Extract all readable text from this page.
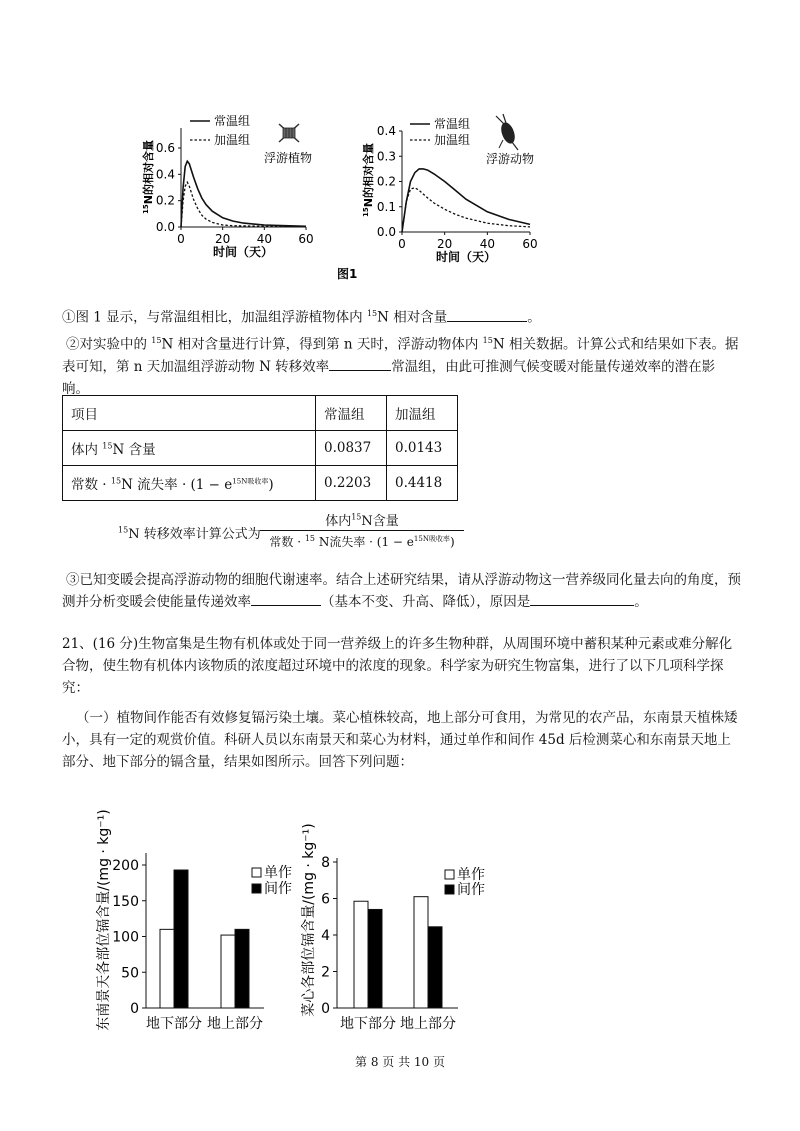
0.0
0.2
0.4
0.6
0	20 40 60
常温组
加温组
浮游植物
$^{15}$N的相对含量
时间（天）
0.0
0.1
0.2
0.3
0.4
0	20 40 60
常温组
加温组
浮游动物
$^{15}$N的相对含量
时间（天）
图1

①图 1 显示，与常温组相比，加温组浮游植物体内 $^{15}$N 相对含量	。

②对实验中的 $^{15}$N 相对含量进行计算，得到第 n 天时，浮游动物体内 $^{15}$N 相关数据。计算公式和结果如下表。据表可知，第 n 天加温组浮游动物 N 转移效率	常温组，由此可推测气候变暖对能量传递效率的潜在影响。

项目	常温组	加温组
体内 $^{15}$N 含量	0.0837	0.0143
常数 · $^{15}$N 流失率 · $(1 - e^{15N吸收率})$	0.2203	0.4418
$^{15}$N 转移效率计算公式为
体内$^{15}$N含量
常数 · $^{15}$ N流失率 · $(1 - e^{15N吸收率})$

③已知变暖会提高浮游动物的细胞代谢速率。结合上述研究结果，请从浮游动物这一营养级同化量去向的角度，预测并分析变暖会使能量传递效率	（基本不变、升高、降低），原因是	。

21、(16 分)生物富集是生物有机体或处于同一营养级上的许多生物种群，从周围环境中蓄积某种元素或难分解化合物，使生物有机体内该物质的浓度超过环境中的浓度的现象。科学家为研究生物富集，进行了以下几项科学探究：

（一）植物间作能否有效修复镉污染土壤。菜心植株较高，地上部分可食用，为常见的农产品，东南景天植株矮小，具有一定的观赏价值。科研人员以东南景天和菜心为材料，通过单作和间作 45d 后检测菜心和东南景天地上部分、地下部分的镉含量，结果如图所示。回答下列问题：

东南景天各部位镉含量/(mg · kg⁻¹) 0
50
100
150
200
地下部分 地上部分
单作
间作 菜心各部位镉含量/(mg · kg⁻¹) 0
2
4
6
8
地下部分 地上部分
单作
间作
第 8 页 共 10 页
